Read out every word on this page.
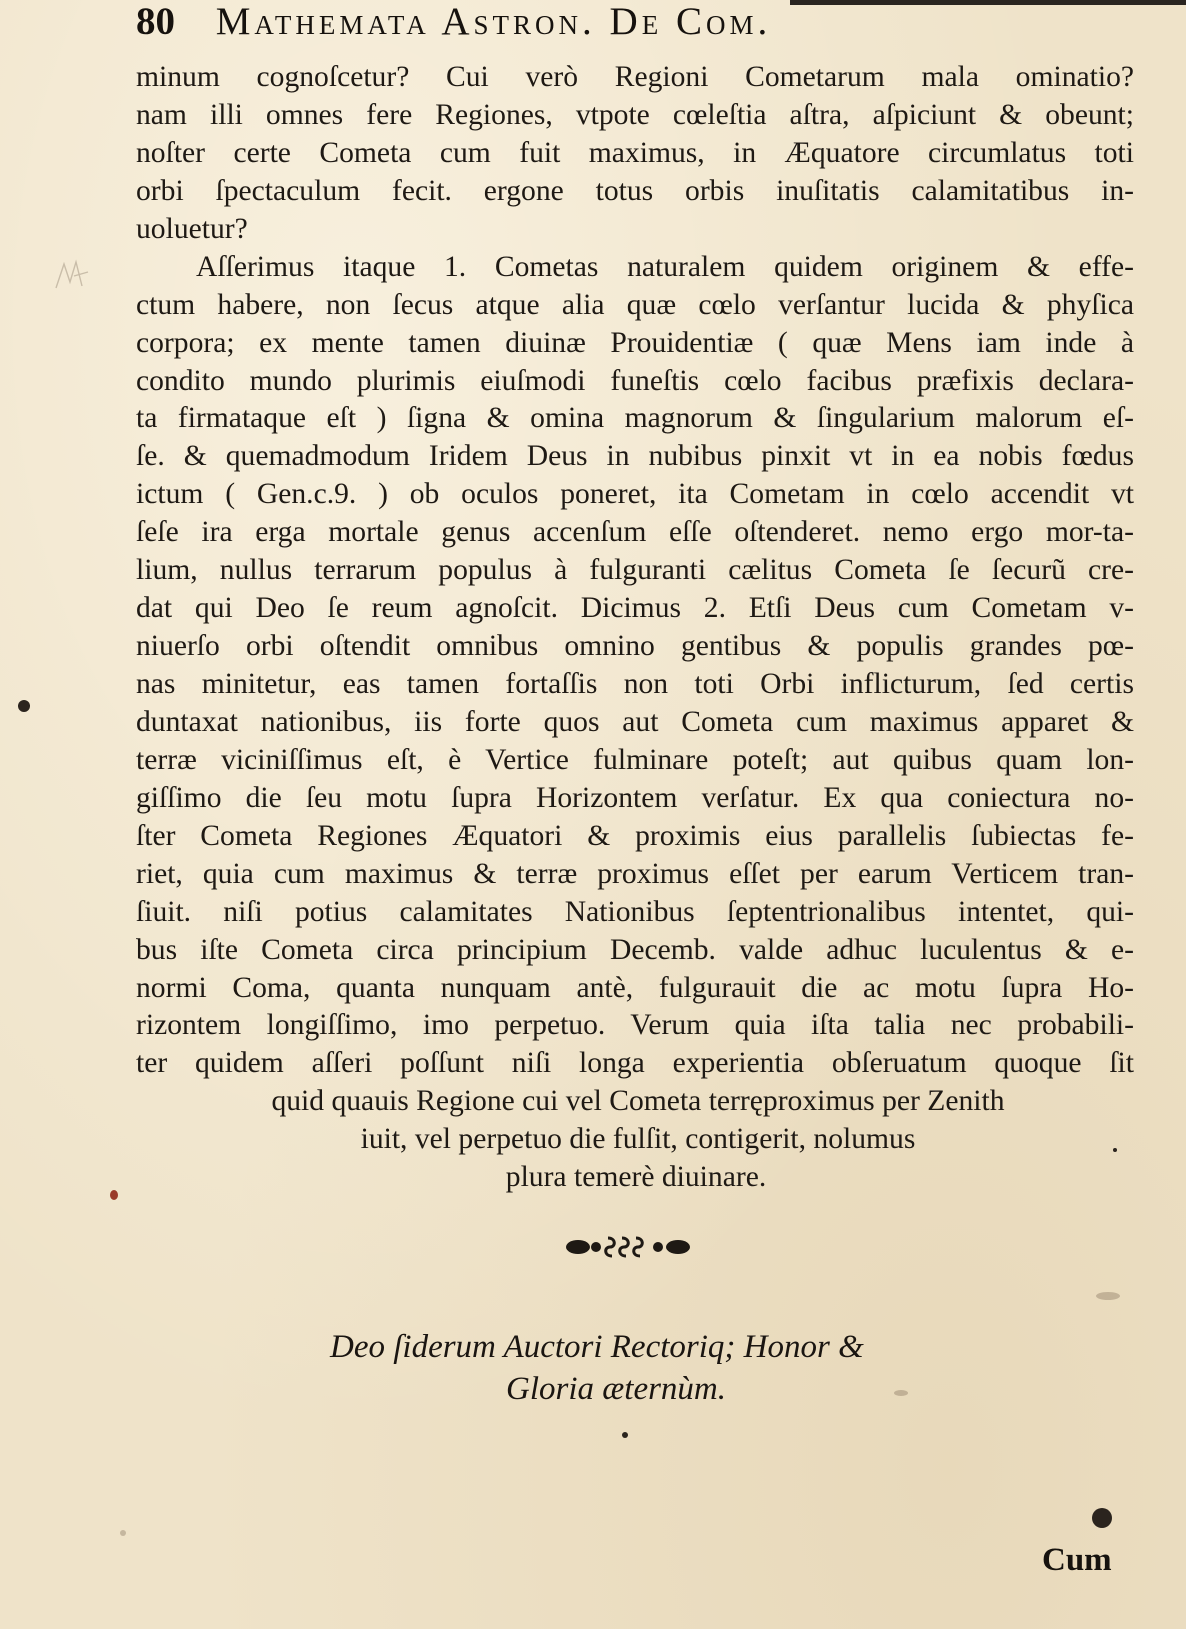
80 Mathemata Astron. De Com.
minum cognoſcetur? Cui verò Regioni Cometarum mala ominatio?
nam illi omnes fere Regiones, vtpote cœleſtia aſtra, aſpiciunt & obeunt;
noſter certe Cometa cum fuit maximus, in Æquatore circumlatus toti
orbi ſpectaculum fecit. ergone totus orbis inuſitatis calamitatibus in-
uoluetur?
Aſſerimus itaque 1. Cometas naturalem quidem originem & effe-
ctum habere, non ſecus atque alia quæ cœlo verſantur lucida & phyſica
corpora; ex mente tamen diuinæ Prouidentiæ ( quæ Mens iam inde à
condito mundo plurimis eiuſmodi funeſtis cœlo facibus præfixis declara-
ta firmataque eſt ) ſigna & omina magnorum & ſingularium malorum eſ-
ſe. & quemadmodum Iridem Deus in nubibus pinxit vt in ea nobis fœdus
ictum ( Gen.c.9. ) ob oculos poneret, ita Cometam in cœlo accendit vt
ſeſe ira erga mortale genus accenſum eſſe oſtenderet. nemo ergo mor-ta-
lium, nullus terrarum populus à fulguranti cælitus Cometa ſe ſecurũ cre-
dat qui Deo ſe reum agnoſcit. Dicimus 2. Etſi Deus cum Cometam v-
niuerſo orbi oſtendit omnibus omnino gentibus & populis grandes pœ-
nas minitetur, eas tamen fortaſſis non toti Orbi inflicturum, ſed certis
duntaxat nationibus, iis forte quos aut Cometa cum maximus apparet &
terræ viciniſſimus eſt, è Vertice fulminare poteſt; aut quibus quam lon-
giſſimo die ſeu motu ſupra Horizontem verſatur. Ex qua coniectura no-
ſter Cometa Regiones Æquatori & proximis eius parallelis ſubiectas fe-
riet, quia cum maximus & terræ proximus eſſet per earum Verticem tran-
ſiuit. niſi potius calamitates Nationibus ſeptentrionalibus intentet, qui-
bus iſte Cometa circa principium Decemb. valde adhuc luculentus & e-
normi Coma, quanta nunquam antè, fulgurauit die ac motu ſupra Ho-
rizontem longiſſimo, imo perpetuo. Verum quia iſta talia nec probabili-
ter quidem aſſeri poſſunt niſi longa experientia obſeruatum quoque ſit
quid quauis Regione cui vel Cometa terręproximus per Zenith
iuit, vel perpetuo die fulſit, contigerit, nolumus
plura temerè diuinare.
Deo ſiderum Auctori Rectoriq; Honor &
Gloria æternùm.
Cum
